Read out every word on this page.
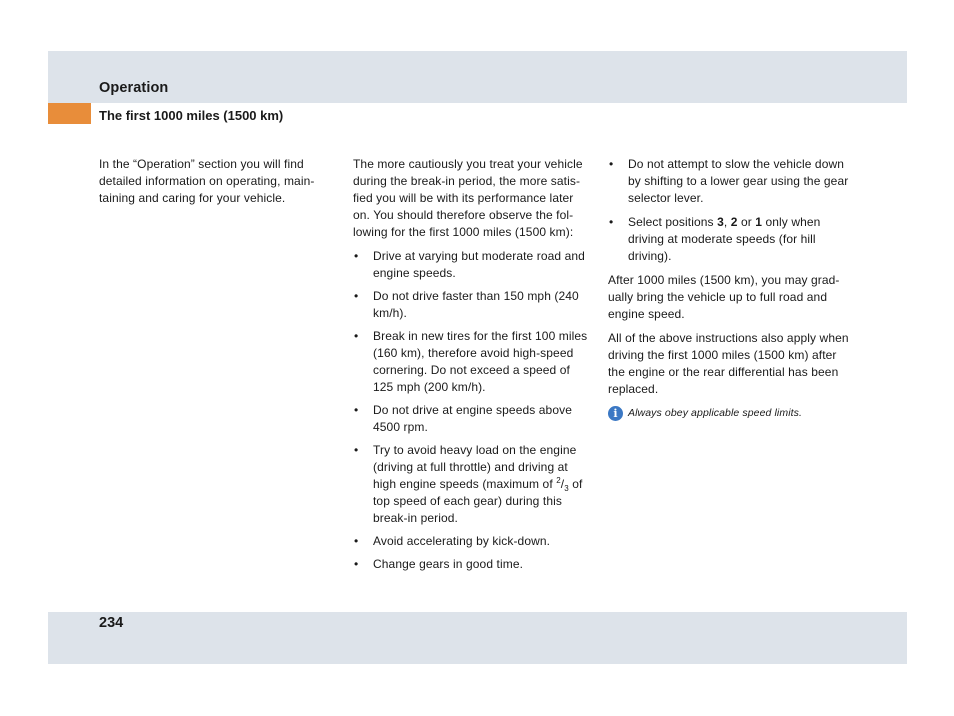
Operation
The first 1000 miles (1500 km)

In the “Operation” section you will find detailed information on operating, main-taining and caring for your vehicle.

The more cautiously you treat your vehicle during the break-in period, the more satis-fied you will be with its performance later on. You should therefore observe the fol-lowing for the first 1000 miles (1500 km):

• Drive at varying but moderate road and engine speeds.
• Do not drive faster than 150 mph (240 km/h).
• Break in new tires for the first 100 miles (160 km), therefore avoid high-speed cornering. Do not exceed a speed of 125 mph (200 km/h).
• Do not drive at engine speeds above 4500 rpm.
• Try to avoid heavy load on the engine (driving at full throttle) and driving at high engine speeds (maximum of $^2/_3$ of top speed of each gear) during this break-in period.
• Avoid accelerating by kick-down.
• Change gears in good time.
• Do not attempt to slow the vehicle down by shifting to a lower gear using the gear selector lever.
• Select positions 3, 2 or 1 only when driving at moderate speeds (for hill driving).

After 1000 miles (1500 km), you may grad-ually bring the vehicle up to full road and engine speed.

All of the above instructions also apply when driving the first 1000 miles (1500 km) after the engine or the rear differential has been replaced.

i Always obey applicable speed limits.
234
